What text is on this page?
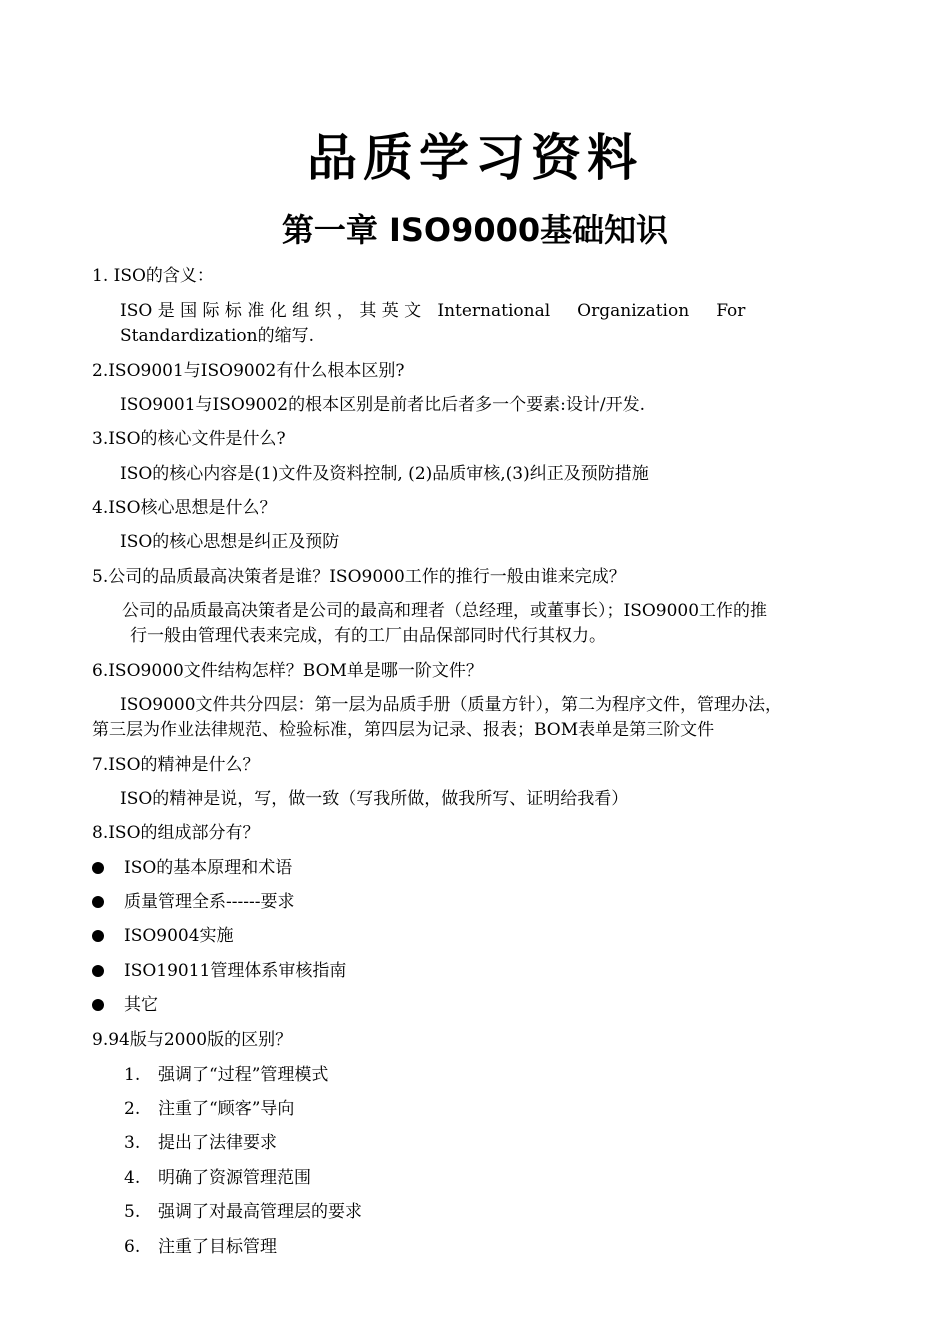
品质学习资料
第一章 ISO9000基础知识
1. ISO的含义：
ISO 是 国 际 标 准 化 组 织 ， 其 英 文   International     Organization     For
Standardization的缩写.
2.ISO9001与ISO9002有什么根本区别?
ISO9001与ISO9002的根本区别是前者比后者多一个要素:设计/开发.
3.ISO的核心文件是什么?
ISO的核心内容是(1)文件及资料控制, (2)品质审核,(3)纠正及预防措施
4.ISO核心思想是什么？
ISO的核心思想是纠正及预防
5.公司的品质最高决策者是谁？ISO9000工作的推行一般由谁来完成？
公司的品质最高决策者是公司的最高和理者（总经理，或董事长）；ISO9000工作的推
行一般由管理代表来完成，有的工厂由品保部同时代行其权力。
6.ISO9000文件结构怎样？BOM单是哪一阶文件？
ISO9000文件共分四层：第一层为品质手册（质量方针），第二为程序文件，管理办法，
第三层为作业法律规范、检验标准，第四层为记录、报表；BOM表单是第三阶文件
7.ISO的精神是什么？
ISO的精神是说，写，做一致（写我所做，做我所写、证明给我看）
8.ISO的组成部分有？
ISO的基本原理和术语
质量管理全系------要求
ISO9004实施
ISO19011管理体系审核指南
其它
9.94版与2000版的区别？
1. 强调了“过程”管理模式
2. 注重了“顾客”导向
3. 提出了法律要求
4. 明确了资源管理范围
5. 强调了对最高管理层的要求
6. 注重了目标管理
